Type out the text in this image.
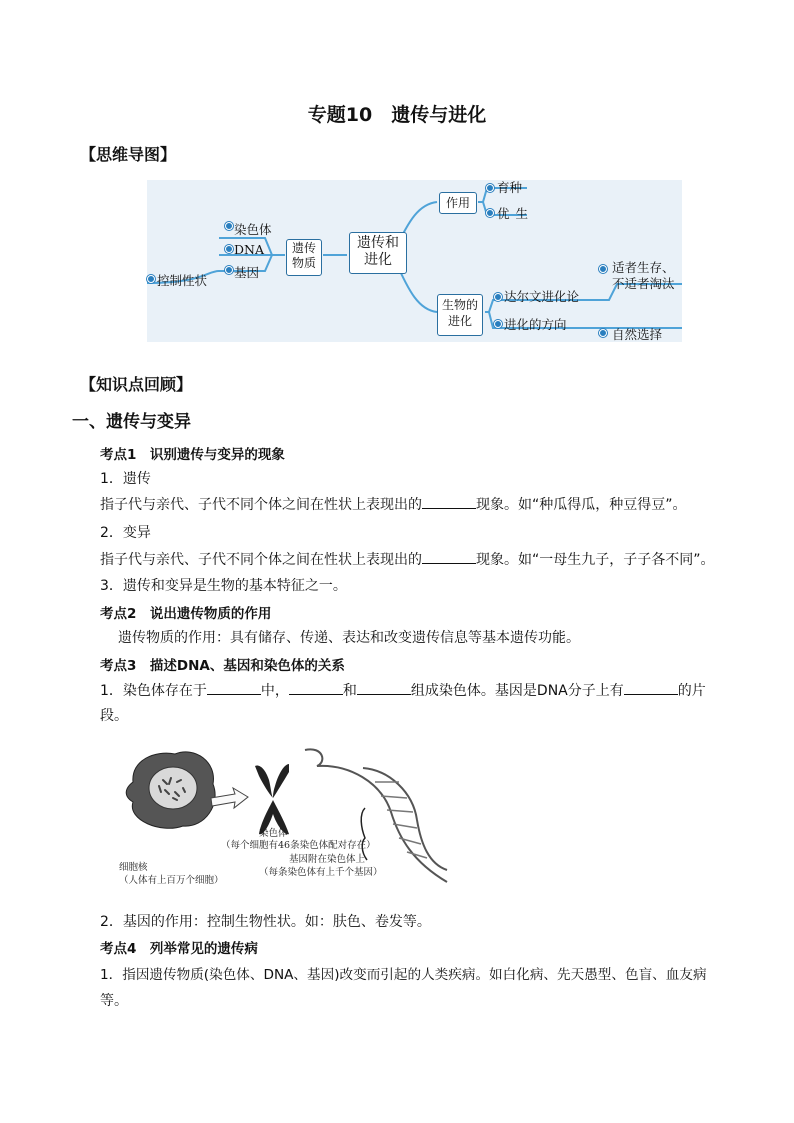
专题10　遗传与进化
【思维导图】
遗传和进化
遗传物质
作用
生物的进化
染色体
DNA
基因
控制性状
育种
优生
达尔文进化论
进化的方向
适者生存、
不适者淘汰
自然选择
【知识点回顾】
一、遗传与变异
考点1　识别遗传与变异的现象
1．遗传
指子代与亲代、子代不同个体之间在性状上表现出的	现象。如“种瓜得瓜，种豆得豆”。
2．变异
指子代与亲代、子代不同个体之间在性状上表现出的	现象。如“一母生九子，子子各不同”。
3．遗传和变异是生物的基本特征之一。
考点2　说出遗传物质的作用
遗传物质的作用：具有储存、传递、表达和改变遗传信息等基本遗传功能。
考点3　描述DNA、基因和染色体的关系
1．染色体存在于	中，	和	组成染色体。基因是DNA分子上有	的片
段。
染色体
（每个细胞有46条染色体配对存在）
细胞核
（人体有上百万个细胞）
基因附在染色体上
（每条染色体有上千个基因）
2．基因的作用：控制生物性状。如：肤色、卷发等。
考点4　列举常见的遗传病
1．指因遗传物质(染色体、DNA、基因)改变而引起的人类疾病。如白化病、先天愚型、色盲、血友病
等。
